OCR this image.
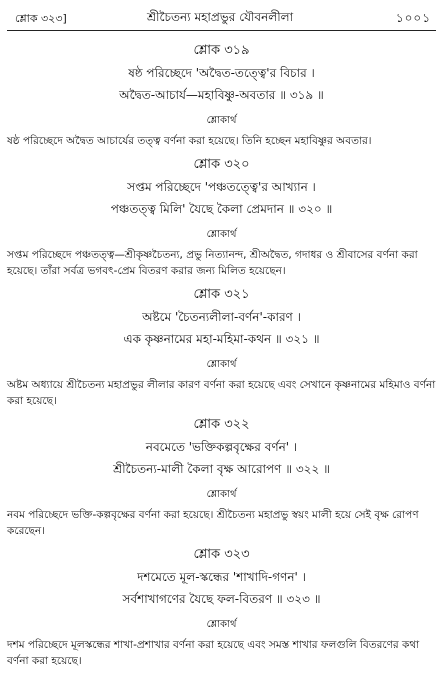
শ্লোক ৩২৩]	শ্রীচৈতন্য মহাপ্রভুর যৌবনলীলা	১০০১
শ্লোক ৩১৯
ষষ্ঠ পরিচ্ছেদে 'অদ্বৈত-তত্ত্বে'র বিচার ।
অদ্বৈত-আচার্য—মহাবিষ্ণু-অবতার ॥ ৩১৯ ॥
শ্লোকার্থ

ষষ্ঠ পরিচ্ছেদে অদ্বৈত আচার্যের তত্ত্ব বর্ণনা করা হয়েছে। তিনি হচ্ছেন মহাবিষ্ণুর অবতার।

শ্লোক ৩২০
সপ্তম পরিচ্ছেদে 'পঞ্চতত্ত্বে'র আখ্যান ।
পঞ্চতত্ত্ব মিলি' যৈছে কৈলা প্রেমদান ॥ ৩২০ ॥
শ্লোকার্থ

সপ্তম পরিচ্ছেদে পঞ্চতত্ত্ব—শ্রীকৃষ্ণচৈতন্য, প্রভু নিত্যানন্দ, শ্রীঅদ্বৈত, গদাধর ও শ্রীবাসের বর্ণনা করা হয়েছে। তাঁরা সর্বত্র ভগবৎ-প্রেম বিতরণ করার জন্য মিলিত হয়েছেন।

শ্লোক ৩২১
অষ্টমে 'চৈতন্যলীলা-বর্ণন'-কারণ ।
এক কৃষ্ণনামের মহা-মহিমা-কথন ॥ ৩২১ ॥
শ্লোকার্থ

অষ্টম অধ্যায়ে শ্রীচৈতন্য মহাপ্রভুর লীলার কারণ বর্ণনা করা হয়েছে এবং সেখানে কৃষ্ণনামের মহিমাও বর্ণনা করা হয়েছে।

শ্লোক ৩২২
নবমেতে 'ভক্তিকল্পবৃক্ষের বর্ণন' ।
শ্রীচৈতন্য-মালী কৈলা বৃক্ষ আরোপণ ॥ ৩২২ ॥
শ্লোকার্থ

নবম পরিচ্ছেদে ভক্তি-কল্পবৃক্ষের বর্ণনা করা হয়েছে। শ্রীচৈতন্য মহাপ্রভু স্বয়ং মালী হয়ে সেই বৃক্ষ রোপণ করেছেন।

শ্লোক ৩২৩
দশমেতে মূল-স্কন্ধের 'শাখাদি-গণন' ।
সর্বশাখাগণের যৈছে ফল-বিতরণ ॥ ৩২৩ ॥
শ্লোকার্থ

দশম পরিচ্ছেদে মূলস্কন্ধের শাখা-প্রশাখার বর্ণনা করা হয়েছে এবং সমস্ত শাখার ফলগুলি বিতরণের কথা বর্ণনা করা হয়েছে।
